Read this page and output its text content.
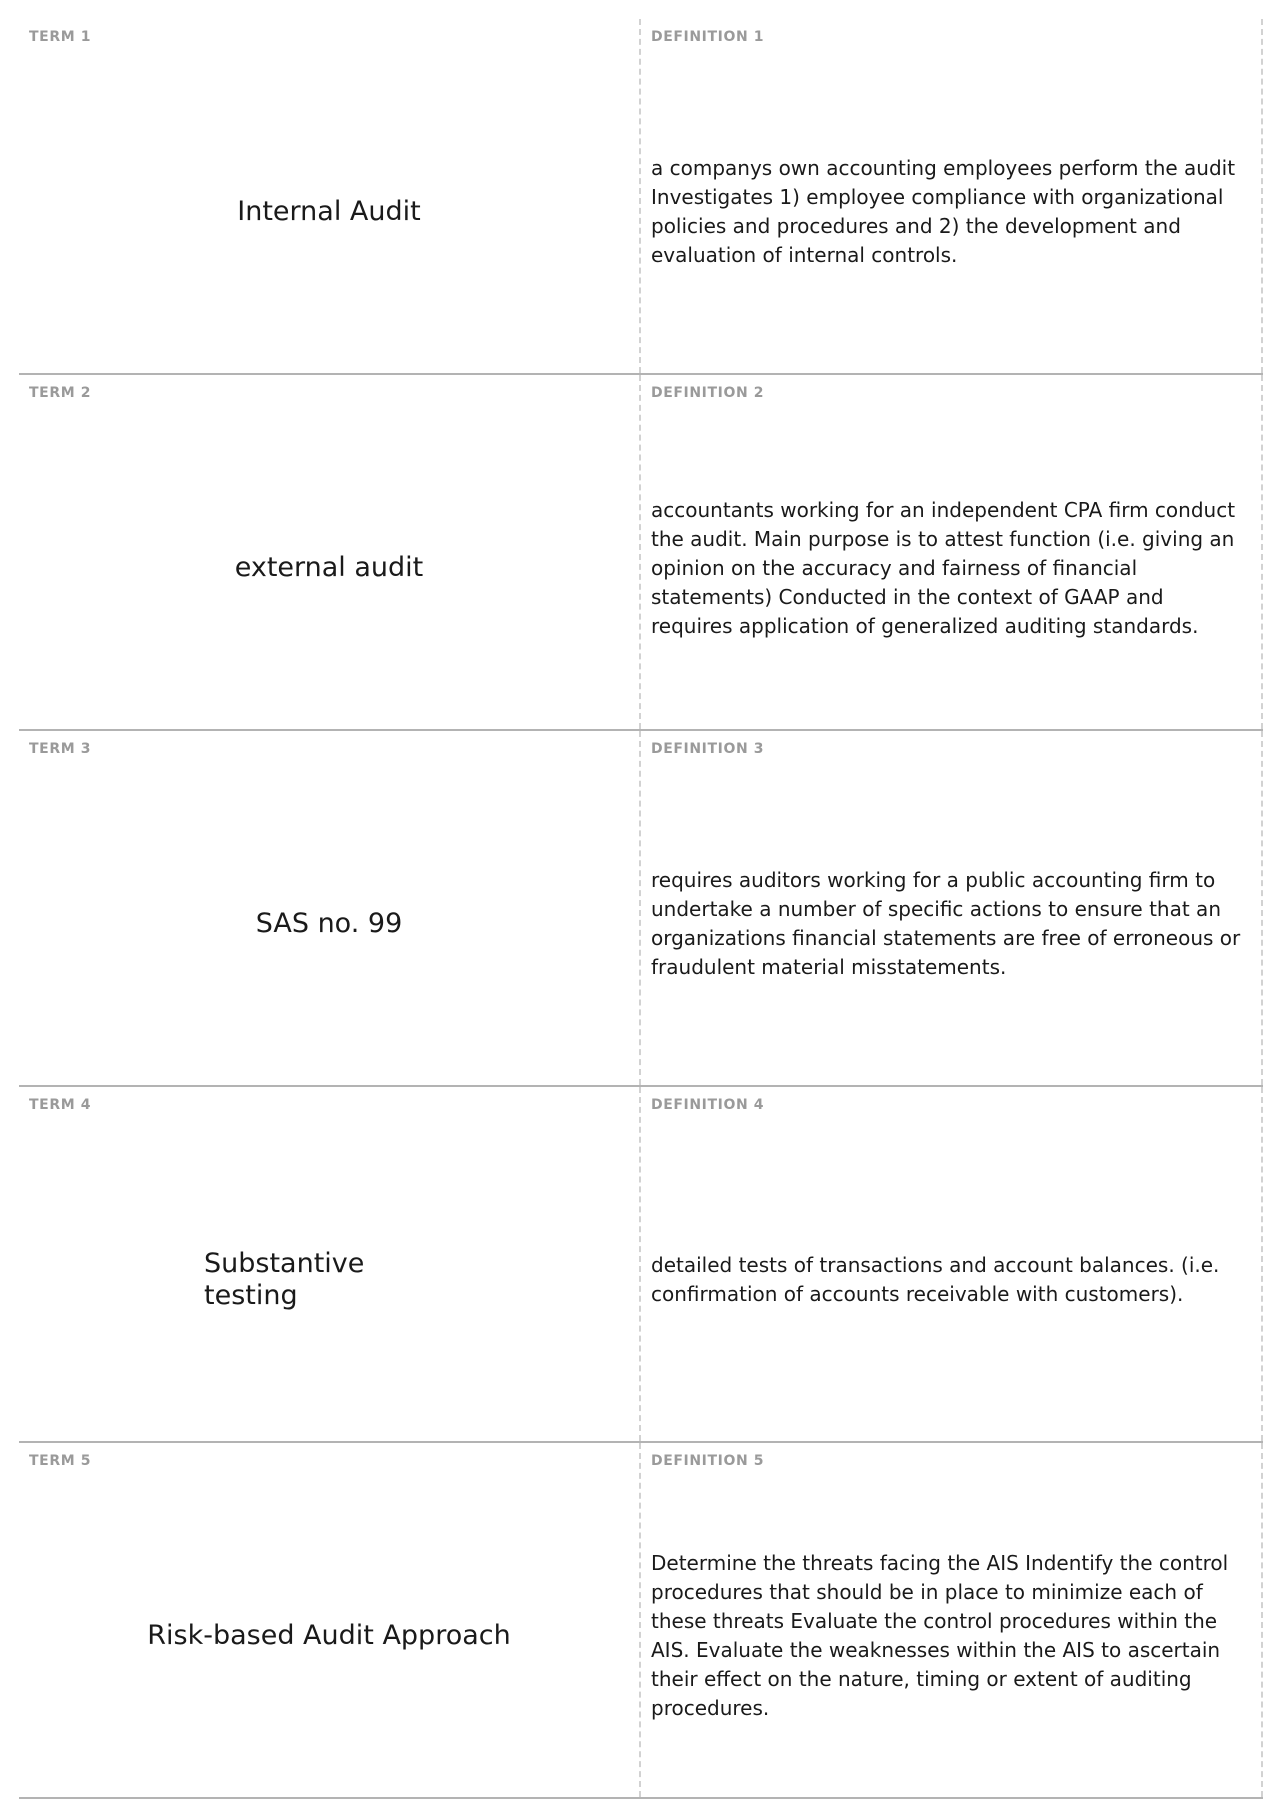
TERM 1
Internal Audit
DEFINITION 1
a companys own accounting employees perform the audit Investigates 1) employee compliance with organizational policies and procedures and 2) the development and evaluation of internal controls.
TERM 2
external audit
DEFINITION 2
accountants working for an independent CPA firm conduct the audit. Main purpose is to attest function (i.e. giving an opinion on the accuracy and fairness of financial statements) Conducted in the context of GAAP and requires application of generalized auditing standards.
TERM 3
SAS no. 99
DEFINITION 3
requires auditors working for a public accounting firm to undertake a number of specific actions to ensure that an organizations financial statements are free of erroneous or fraudulent material misstatements.
TERM 4
Substantive testing
DEFINITION 4
detailed tests of transactions and account balances. (i.e. confirmation of accounts receivable with customers).
TERM 5
Risk-based Audit Approach
DEFINITION 5
Determine the threats facing the AIS Indentify the control procedures that should be in place to minimize each of these threats Evaluate the control procedures within the AIS. Evaluate the weaknesses within the AIS to ascertain their effect on the nature, timing or extent of auditing procedures.
